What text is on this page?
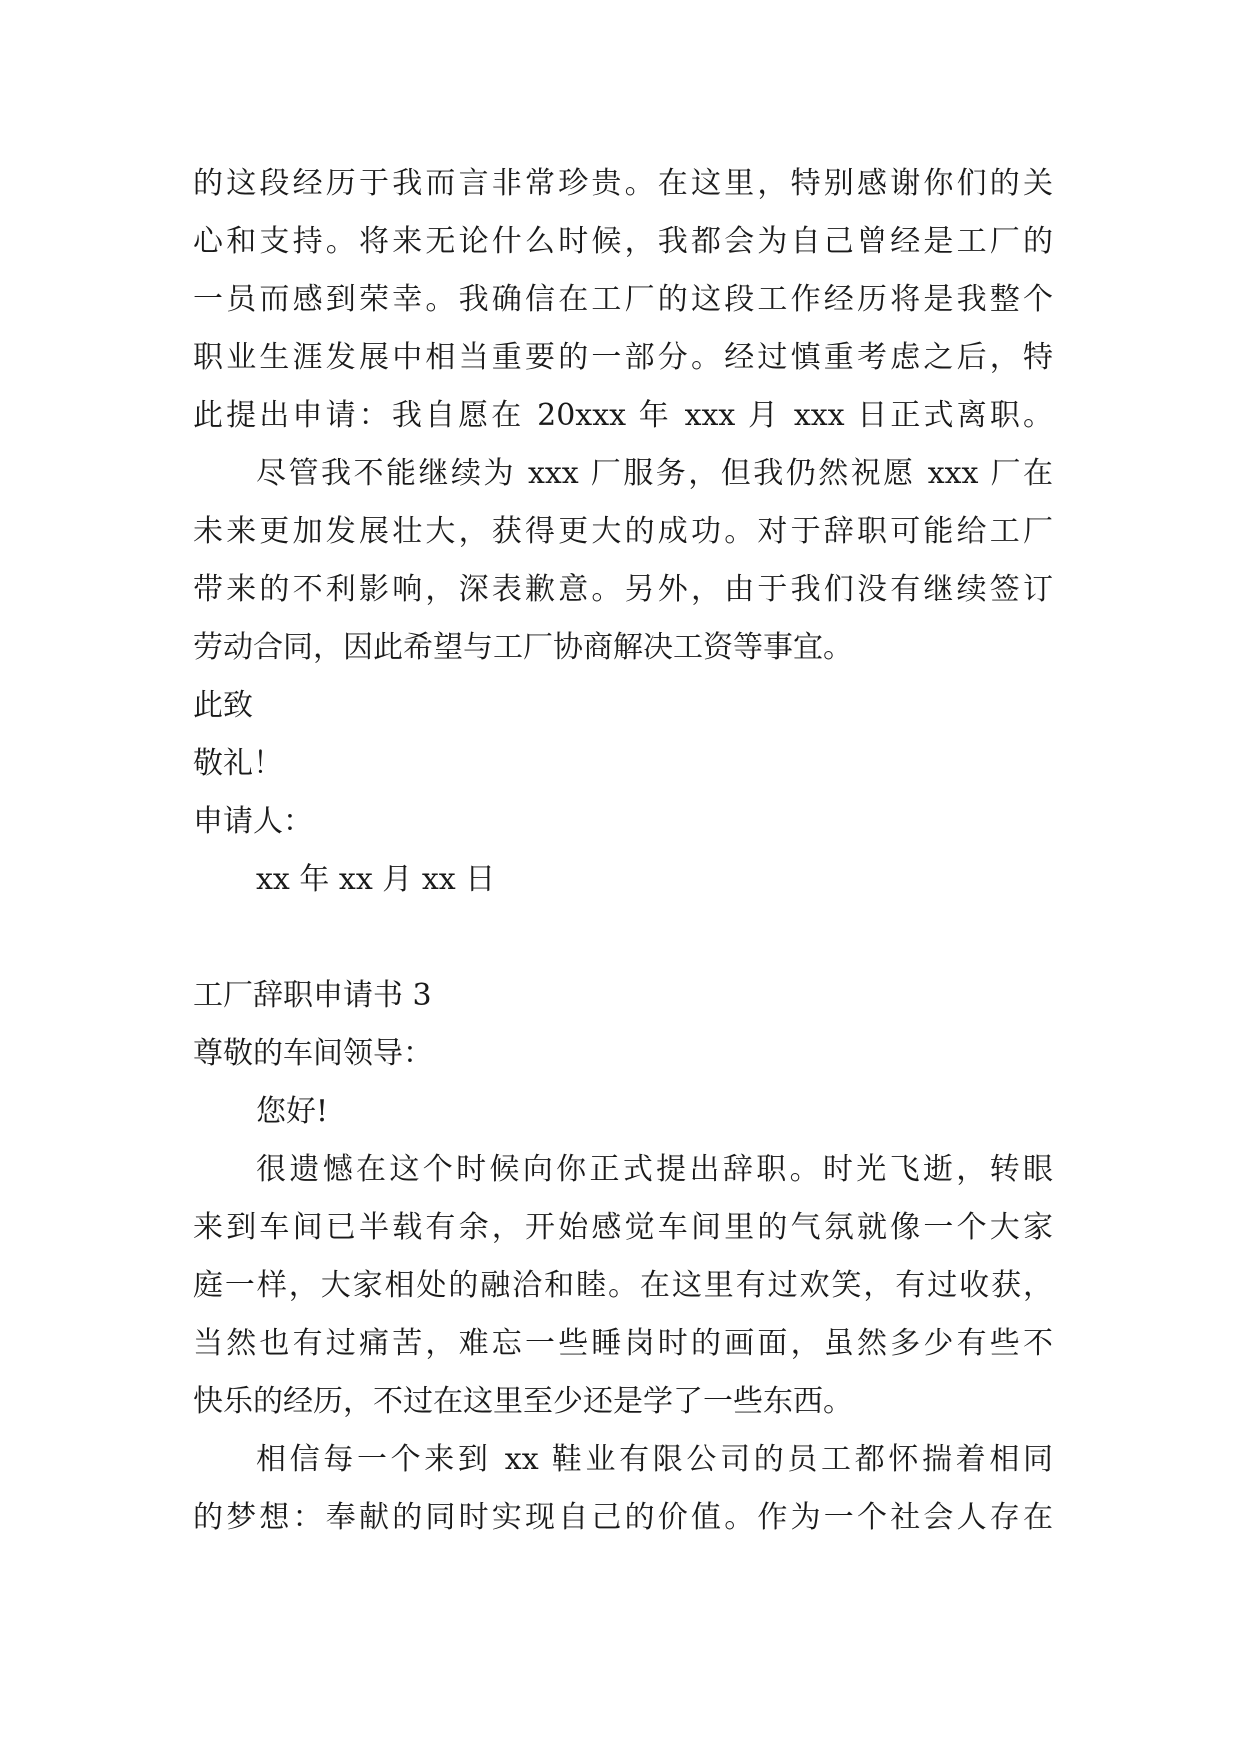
的这段经历于我而言非常珍贵。在这里，特别感谢你们的关
心和支持。将来无论什么时候，我都会为自己曾经是工厂的
一员而感到荣幸。我确信在工厂的这段工作经历将是我整个
职业生涯发展中相当重要的一部分。经过慎重考虑之后，特
此提出申请：我自愿在 20xxx 年 xxx 月 xxx 日正式离职。
尽管我不能继续为 xxx 厂服务，但我仍然祝愿 xxx 厂在
未来更加发展壮大，获得更大的成功。对于辞职可能给工厂
带来的不利影响，深表歉意。另外，由于我们没有继续签订
劳动合同，因此希望与工厂协商解决工资等事宜。
此致
敬礼！
申请人：
xx 年 xx 月 xx 日
工厂辞职申请书 3
尊敬的车间领导：
您好!
很遗憾在这个时候向你正式提出辞职。时光飞逝，转眼
来到车间已半载有余，开始感觉车间里的气氛就像一个大家
庭一样，大家相处的融洽和睦。在这里有过欢笑，有过收获，
当然也有过痛苦，难忘一些睡岗时的画面，虽然多少有些不
快乐的经历，不过在这里至少还是学了一些东西。
相信每一个来到 xx 鞋业有限公司的员工都怀揣着相同
的梦想：奉献的同时实现自己的价值。作为一个社会人存在
